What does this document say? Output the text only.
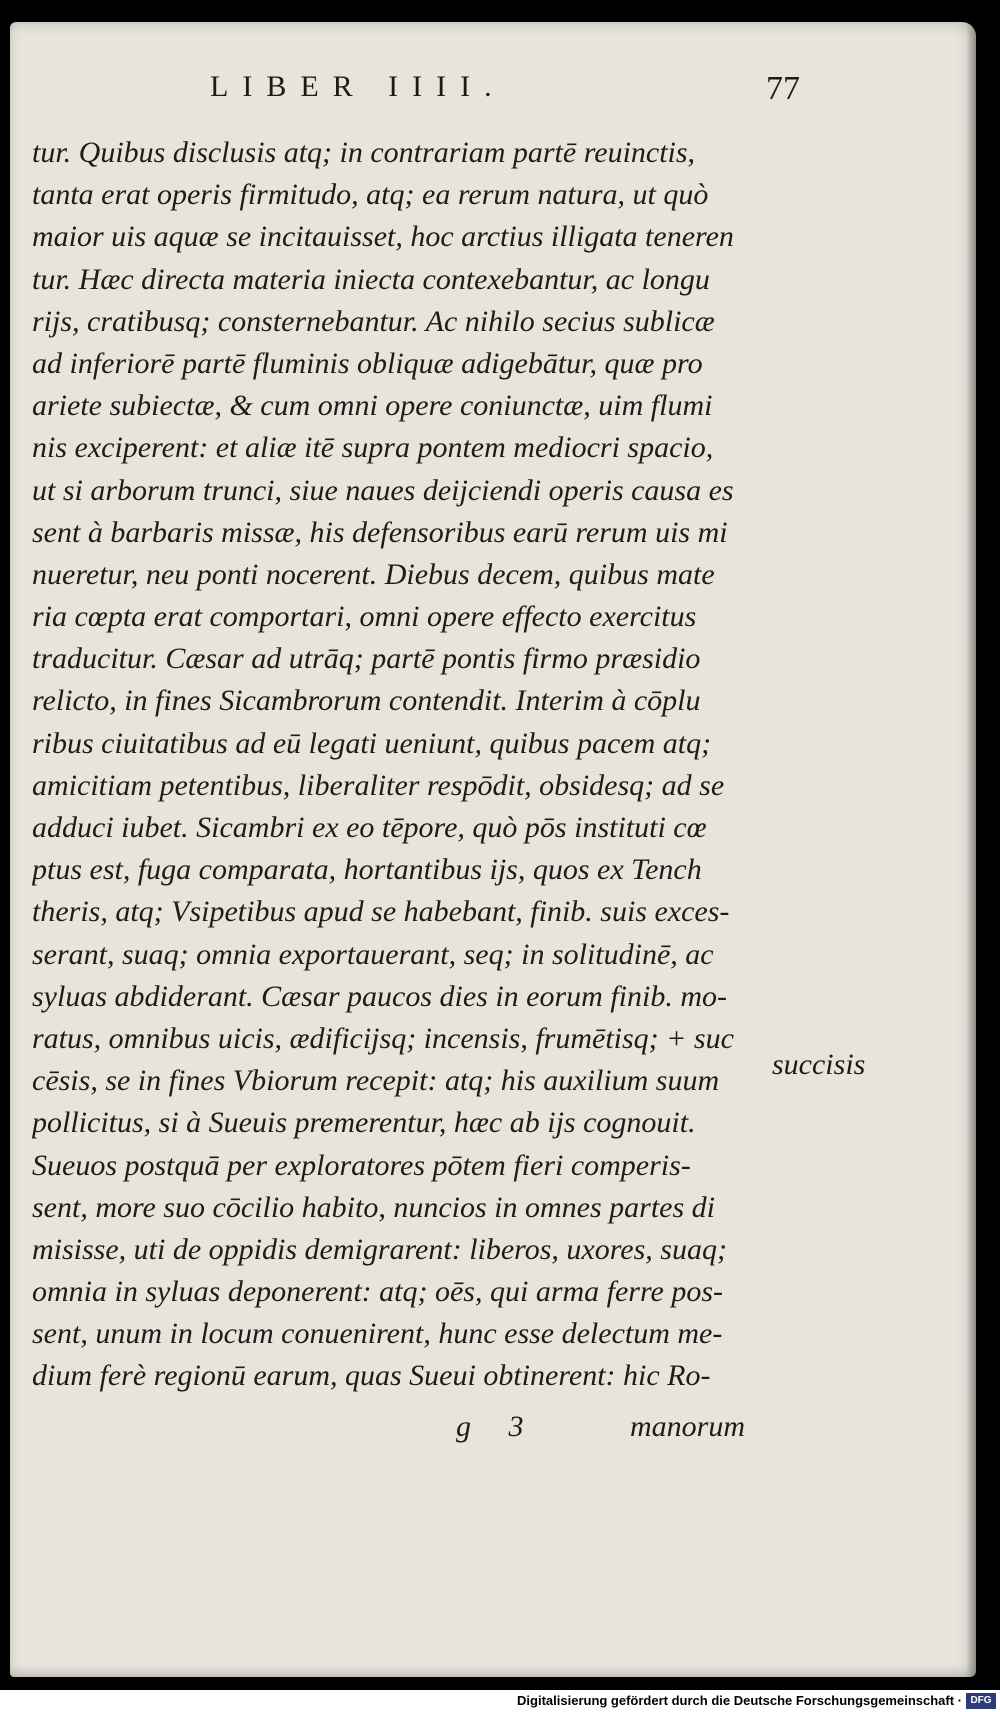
LIBER IIII.	77
tur. Quibus disclusis atq; in contrariam partē reuinctis,
tanta erat operis firmitudo, atq; ea rerum natura, ut quò
maior uis aquæ se incitauisset, hoc arctius illigata teneren
tur. Hæc directa materia iniecta contexebantur, ac longu
rijs, cratibusq; consternebantur. Ac nihilo secius sublicæ
ad inferiorē partē fluminis obliquæ adigebātur, quæ pro
ariete subiectæ, & cum omni opere coniunctæ, uim flumi
nis exciperent: et aliæ itē supra pontem mediocri spacio,
ut si arborum trunci, siue naues deijciendi operis causa es
sent à barbaris missæ, his defensoribus earū rerum uis mi
nueretur, neu ponti nocerent. Diebus decem, quibus mate
ria cœpta erat comportari, omni opere effecto exercitus
traducitur. Cæsar ad utrāq; partē pontis firmo præsidio
relicto, in fines Sicambrorum contendit. Interim à cōplu
ribus ciuitatibus ad eū legati ueniunt, quibus pacem atq;
amicitiam petentibus, liberaliter respōdit, obsidesq; ad se
adduci iubet. Sicambri ex eo tēpore, quò pōs instituti cœ
ptus est, fuga comparata, hortantibus ijs, quos ex Tench
theris, atq; Vsipetibus apud se habebant, finib. suis exces-
serant, suaq; omnia exportauerant, seq; in solitudinē, ac
syluas abdiderant. Cæsar paucos dies in eorum finib. mo-
ratus, omnibus uicis, ædificijsq; incensis, frumētisq; + suc
cēsis, se in fines Vbiorum recepit: atq; his auxilium suum
pollicitus, si à Sueuis premerentur, hæc ab ijs cognouit.
Sueuos postquā per exploratores pōtem fieri comperis-
sent, more suo cōcilio habito, nuncios in omnes partes di
misisse, uti de oppidis demigrarent: liberos, uxores, suaq;
omnia in syluas deponerent: atq; oēs, qui arma ferre pos-
sent, unum in locum conuenirent, hunc esse delectum me-
dium ferè regionū earum, quas Sueui obtinerent: hic Ro-
succisis
g 3	manorum
Digitalisierung gefördert durch die Deutsche Forschungsgemeinschaft · DFG
